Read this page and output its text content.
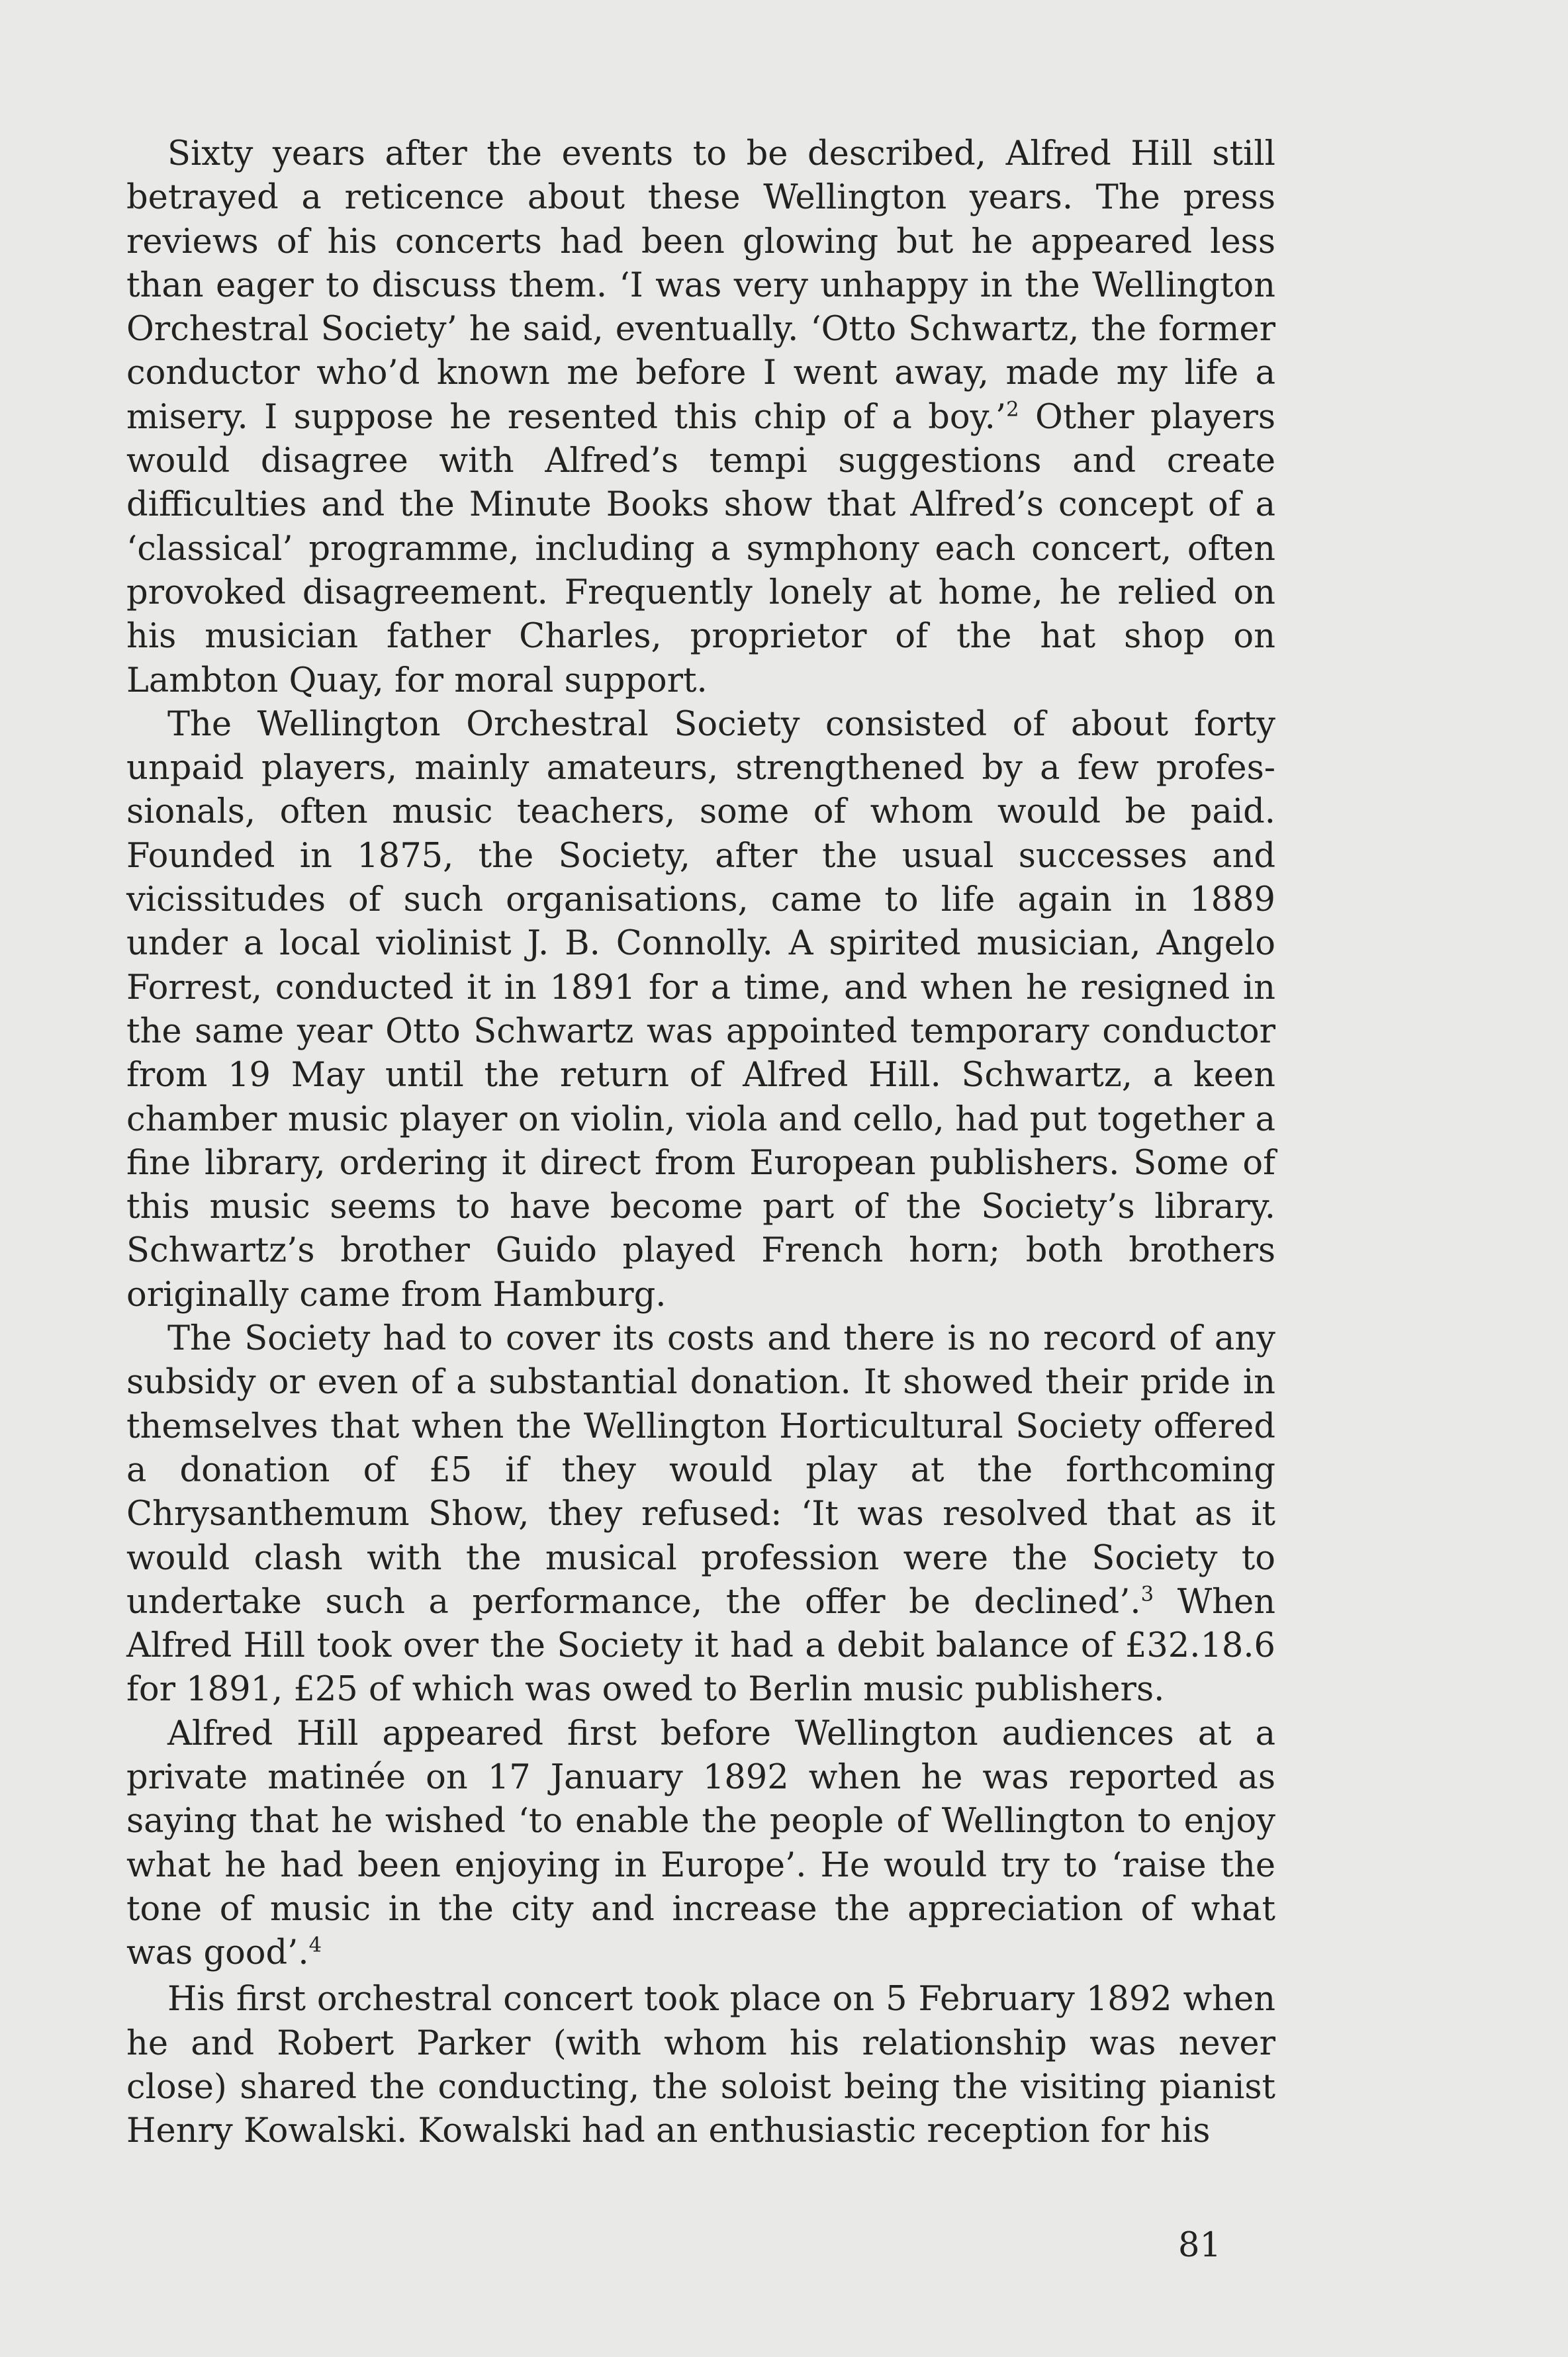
Sixty years after the events to be described, Alfred Hill still betrayed a reticence about these Wellington years. The press reviews of his concerts had been glowing but he appeared less than eager to discuss them. ‘I was very unhappy in the Wellington Orchestral Society’ he said, eventually. ‘Otto Schwartz, the former conductor who’d known me before I went away, made my life a misery. I suppose he resented this chip of a boy.’$^2$ Other players would disagree with Alfred’s tempi suggestions and create difficulties and the Minute Books show that Alfred’s concept of a ‘classical’ programme, including a symphony each concert, often provoked disagreement. Frequently lonely at home, he relied on his musician father Charles, proprietor of the hat shop on Lambton Quay, for moral support.

The Wellington Orchestral Society consisted of about forty unpaid players, mainly amateurs, strengthened by a few professionals, often music teachers, some of whom would be paid. Founded in 1875, the Society, after the usual successes and vicissitudes of such organisations, came to life again in 1889 under a local violinist J. B. Connolly. A spirited musician, Angelo Forrest, conducted it in 1891 for a time, and when he resigned in the same year Otto Schwartz was appointed temporary conductor from 19 May until the return of Alfred Hill. Schwartz, a keen chamber music player on violin, viola and cello, had put together a fine library, ordering it direct from European publishers. Some of this music seems to have become part of the Society’s library. Schwartz’s brother Guido played French horn; both brothers originally came from Hamburg.

The Society had to cover its costs and there is no record of any subsidy or even of a substantial donation. It showed their pride in themselves that when the Wellington Horticultural Society offered a donation of £5 if they would play at the forthcoming Chrysanthemum Show, they refused: ‘It was resolved that as it would clash with the musical profession were the Society to undertake such a performance, the offer be declined’.$^3$ When Alfred Hill took over the Society it had a debit balance of £32.18.6 for 1891, £25 of which was owed to Berlin music publishers.

Alfred Hill appeared first before Wellington audiences at a private matinée on 17 January 1892 when he was reported as saying that he wished ‘to enable the people of Wellington to enjoy what he had been enjoying in Europe’. He would try to ‘raise the tone of music in the city and increase the appreciation of what was good’.$^4$

His first orchestral concert took place on 5 February 1892 when he and Robert Parker (with whom his relationship was never close) shared the conducting, the soloist being the visiting pianist Henry Kowalski. Kowalski had an enthusiastic reception for his

81
